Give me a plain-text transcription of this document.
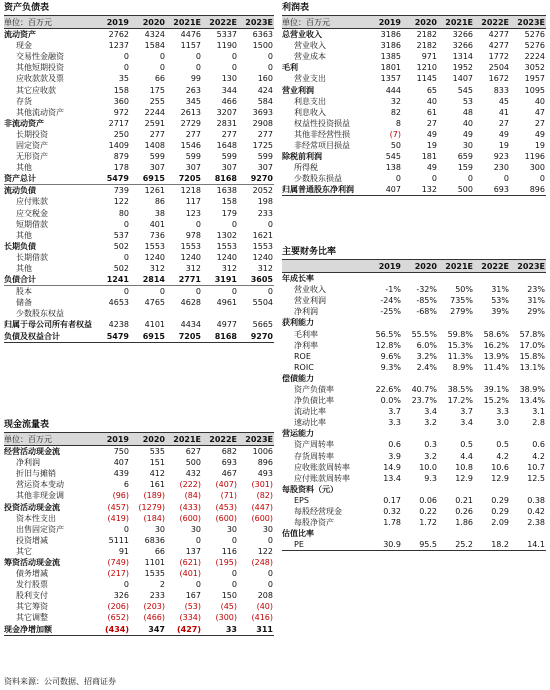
资产负债表
单位：百万元	2019	2020	2021E	2022E	2023E
流动资产	2762	4324	4476	5337	6363
现金	1237	1584	1157	1190	1500
交易性金融资	0	0	0	0	0
其他短期投资	0	0	0	0	0
应收款款及票	35	66	99	130	160
其它应收款	158	175	263	344	424
存货	360	255	345	466	584
其他流动资产	972	2244	2613	3207	3693
非流动资产	2717	2591	2729	2831	2908
长期投资	250	277	277	277	277
固定资产	1409	1408	1546	1648	1725
无形资产	879	599	599	599	599
其他	178	307	307	307	307
资产总计	5479	6915	7205	8168	9270
流动负债	739	1261	1218	1638	2052
应付账款	122	86	117	158	198
应交税金	80	38	123	179	233
短期借款	0	401	0	0	0
其他	537	736	978	1302	1621
长期负债	502	1553	1553	1553	1553
长期借款	0	1240	1240	1240	1240
其他	502	312	312	312	312
负债合计	1241	2814	2771	3191	3605
股本	0	0	0	0	0
储备	4653	4765	4628	4961	5504
少数股东权益					
归属于母公司所有者权益	4238	4101	4434	4977	5665
负债及权益合计	5479	6915	7205	8168	9270
现金流量表
单位：百万元	2019	2020	2021E	2022E	2023E
经营活动现金流	750	535	627	682	1006
净利润	407	151	500	693	896
折旧与摊销	439	412	432	467	493
营运资本变动	6	161	(222)	(407)	(301)
其他非现金调	(96)	(189)	(84)	(71)	(82)
投资活动现金流	(457)	(1279)	(433)	(453)	(447)
资本性支出	(419)	(184)	(600)	(600)	(600)
出售固定资产	0	30	30	30	30
投资增减	5111	6836	0	0	0
其它	91	66	137	116	122
筹资活动现金流	(749)	1101	(621)	(195)	(248)
债务增减	(217)	1535	(401)	0	0
发行股票	0	2	0	0	0
股利支付	326	233	167	150	208
其它筹资	(206)	(203)	(53)	(45)	(40)
其它调整	(652)	(466)	(334)	(300)	(416)
现金净增加额	(434)	347	(427)	33	311
利润表
单位：百万元	2019	2020	2021E	2022E	2023E
总营业收入	3186	2182	3266	4277	5276
营业收入	3186	2182	3266	4277	5276
营业成本	1385	971	1314	1772	2224
毛利	1801	1210	1952	2504	3052
营业支出	1357	1145	1407	1672	1957
营业利润	444	65	545	833	1095
利息支出	32	40	53	45	40
利息收入	82	61	48	41	47
权益性投资损益	8	27	40	27	27
其他非经营性损	(7)	49	49	49	49
非经常项目损益	50	19	30	19	19
除税前利润	545	181	659	923	1196
所得税	138	49	159	230	300
少数股东损益	0	0	0	0	0
归属普通股东净利润	407	132	500	693	896
主要财务比率
	2019	2020	2021E	2022E	2023E
年成长率					
营业收入	-1%	-32%	50%	31%	23%
营业利润	-24%	-85%	735%	53%	31%
净利润	-25%	-68%	279%	39%	29%
获利能力					
毛利率	56.5%	55.5%	59.8%	58.6%	57.8%
净利率	12.8%	6.0%	15.3%	16.2%	17.0%
ROE	9.6%	3.2%	11.3%	13.9%	15.8%
ROIC	9.3%	2.4%	8.9%	11.4%	13.1%
偿债能力					
资产负债率	22.6%	40.7%	38.5%	39.1%	38.9%
净负债比率	0.0%	23.7%	17.2%	15.2%	13.4%
流动比率	3.7	3.4	3.7	3.3	3.1
速动比率	3.3	3.2	3.4	3.0	2.8
营运能力					
资产周转率	0.6	0.3	0.5	0.5	0.6
存货周转率	3.9	3.2	4.4	4.2	4.2
应收账款周转率	14.9	10.0	10.8	10.6	10.7
应付账款周转率	13.4	9.3	12.9	12.9	12.5
每股资料（元）					
EPS	0.17	0.06	0.21	0.29	0.38
每股经营现金	0.32	0.22	0.26	0.29	0.42
每股净资产	1.78	1.72	1.86	2.09	2.38
估值比率					
PE	30.9	95.5	25.2	18.2	14.1
资料来源：公司数据、招商证券
